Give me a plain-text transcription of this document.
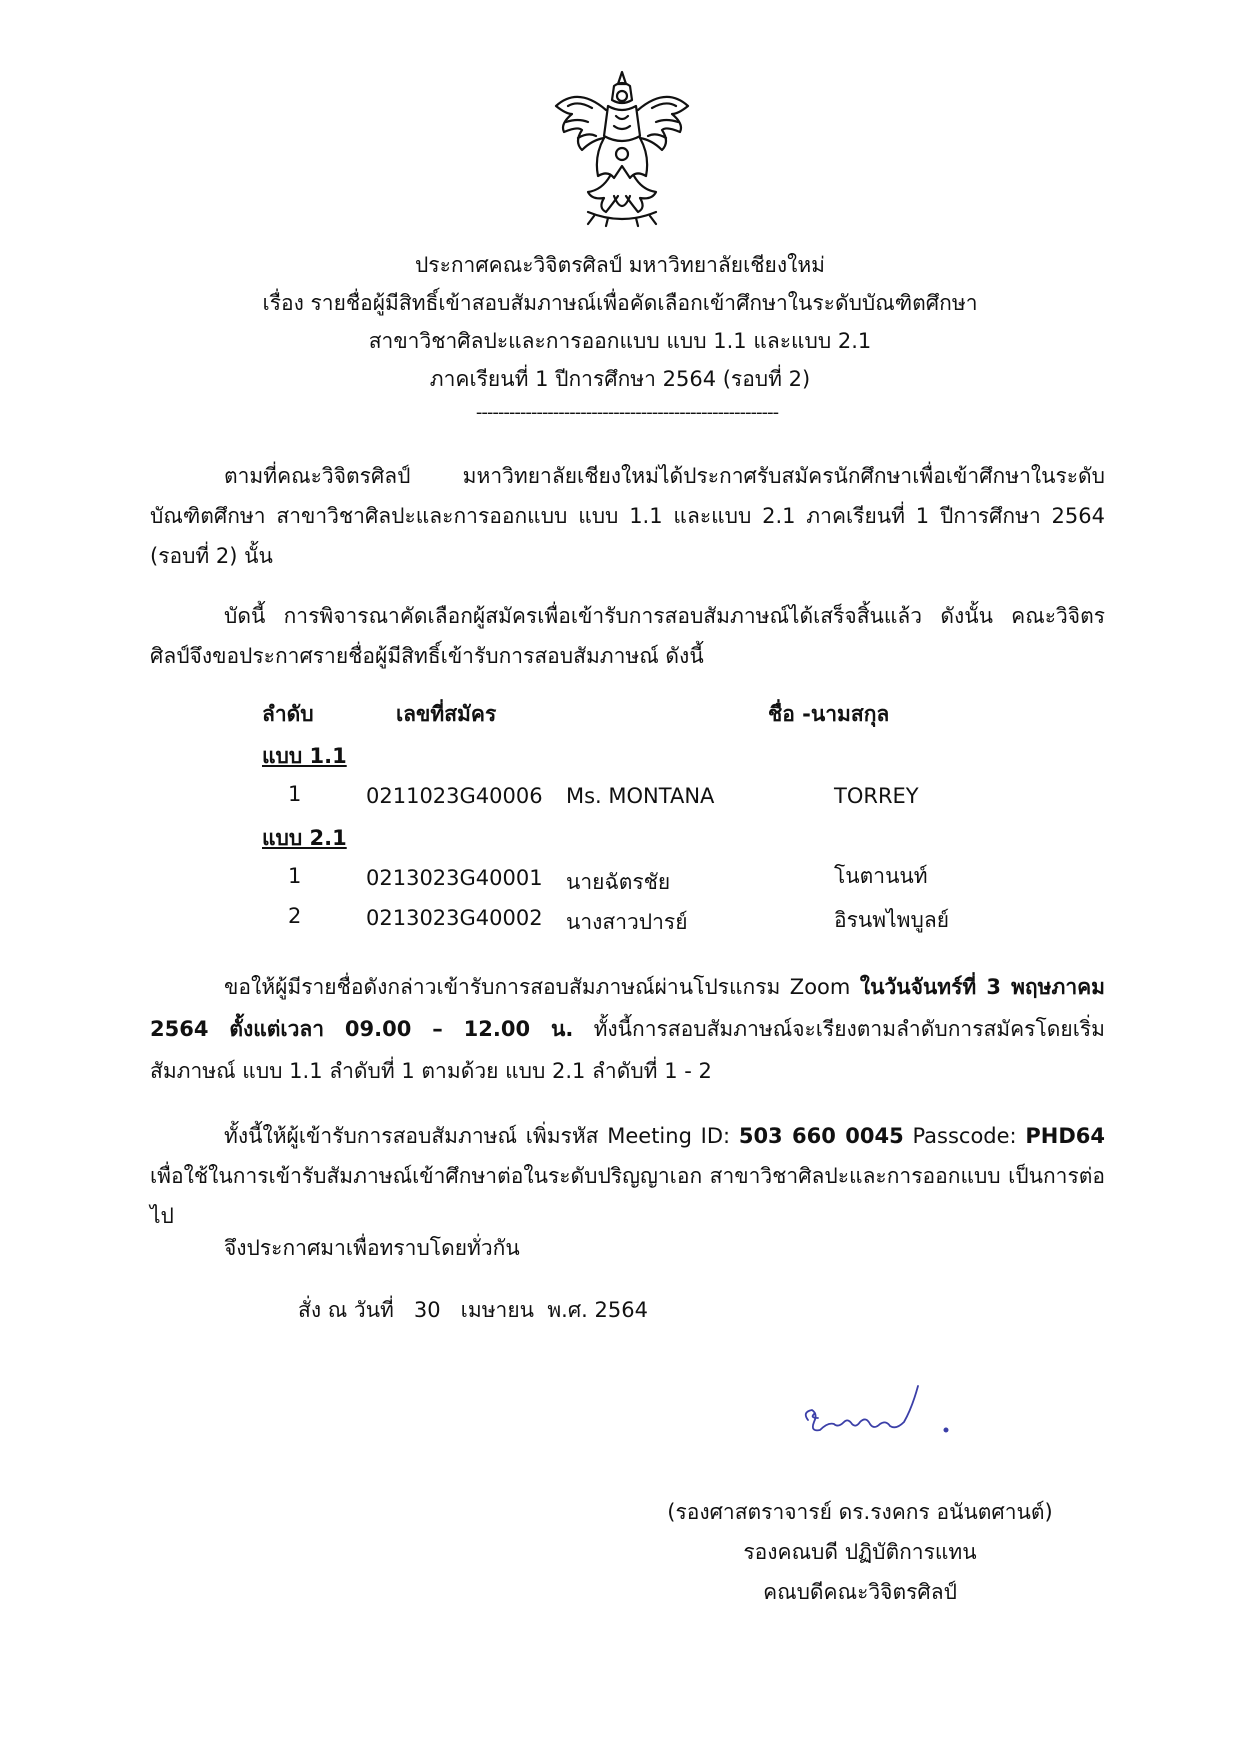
ประกาศคณะวิจิตรศิลป์ มหาวิทยาลัยเชียงใหม่
เรื่อง รายชื่อผู้มีสิทธิ์เข้าสอบสัมภาษณ์เพื่อคัดเลือกเข้าศึกษาในระดับบัณฑิตศึกษา
สาขาวิชาศิลปะและการออกแบบ แบบ 1.1 และแบบ 2.1
ภาคเรียนที่ 1 ปีการศึกษา 2564 (รอบที่ 2)
-------------------------------------------------------
ตามที่คณะวิจิตรศิลป์ มหาวิทยาลัยเชียงใหม่ได้ประกาศรับสมัครนักศึกษาเพื่อเข้าศึกษาในระดับบัณฑิตศึกษา สาขาวิชาศิลปะและการออกแบบ แบบ 1.1 และแบบ 2.1 ภาคเรียนที่ 1 ปีการศึกษา 2564 (รอบที่ 2) นั้น
บัดนี้ การพิจารณาคัดเลือกผู้สมัครเพื่อเข้ารับการสอบสัมภาษณ์ได้เสร็จสิ้นแล้ว ดังนั้น คณะวิจิตรศิลป์จึงขอประกาศรายชื่อผู้มีสิทธิ์เข้ารับการสอบสัมภาษณ์ ดังนี้
ลำดับ	เลขที่สมัคร	ชื่อ -นามสกุล
แบบ 1.1
1	0211023G40006 Ms. MONTANA	TORREY
แบบ 2.1
1	0213023G40001 นายฉัตรชัย	โนตานนท์
2	0213023G40002 นางสาวปารย์	อิรนพไพบูลย์
ขอให้ผู้มีรายชื่อดังกล่าวเข้ารับการสอบสัมภาษณ์ผ่านโปรแกรม Zoom ในวันจันทร์ที่ 3 พฤษภาคม 2564 ตั้งแต่เวลา 09.00 – 12.00 น. ทั้งนี้การสอบสัมภาษณ์จะเรียงตามลำดับการสมัครโดยเริ่มสัมภาษณ์ แบบ 1.1 ลำดับที่ 1 ตามด้วย แบบ 2.1 ลำดับที่ 1 - 2
ทั้งนี้ให้ผู้เข้ารับการสอบสัมภาษณ์ เพิ่มรหัส Meeting ID: 503 660 0045 Passcode: PHD64 เพื่อใช้ในการเข้ารับสัมภาษณ์เข้าศึกษาต่อในระดับปริญญาเอก สาขาวิชาศิลปะและการออกแบบ เป็นการต่อไป
จึงประกาศมาเพื่อทราบโดยทั่วกัน
สั่ง ณ วันที่   30   เมษายน  พ.ศ. 2564
(รองศาสตราจารย์ ดร.รงคกร อนันตศานต์)
รองคณบดี ปฏิบัติการแทน
คณบดีคณะวิจิตรศิลป์
